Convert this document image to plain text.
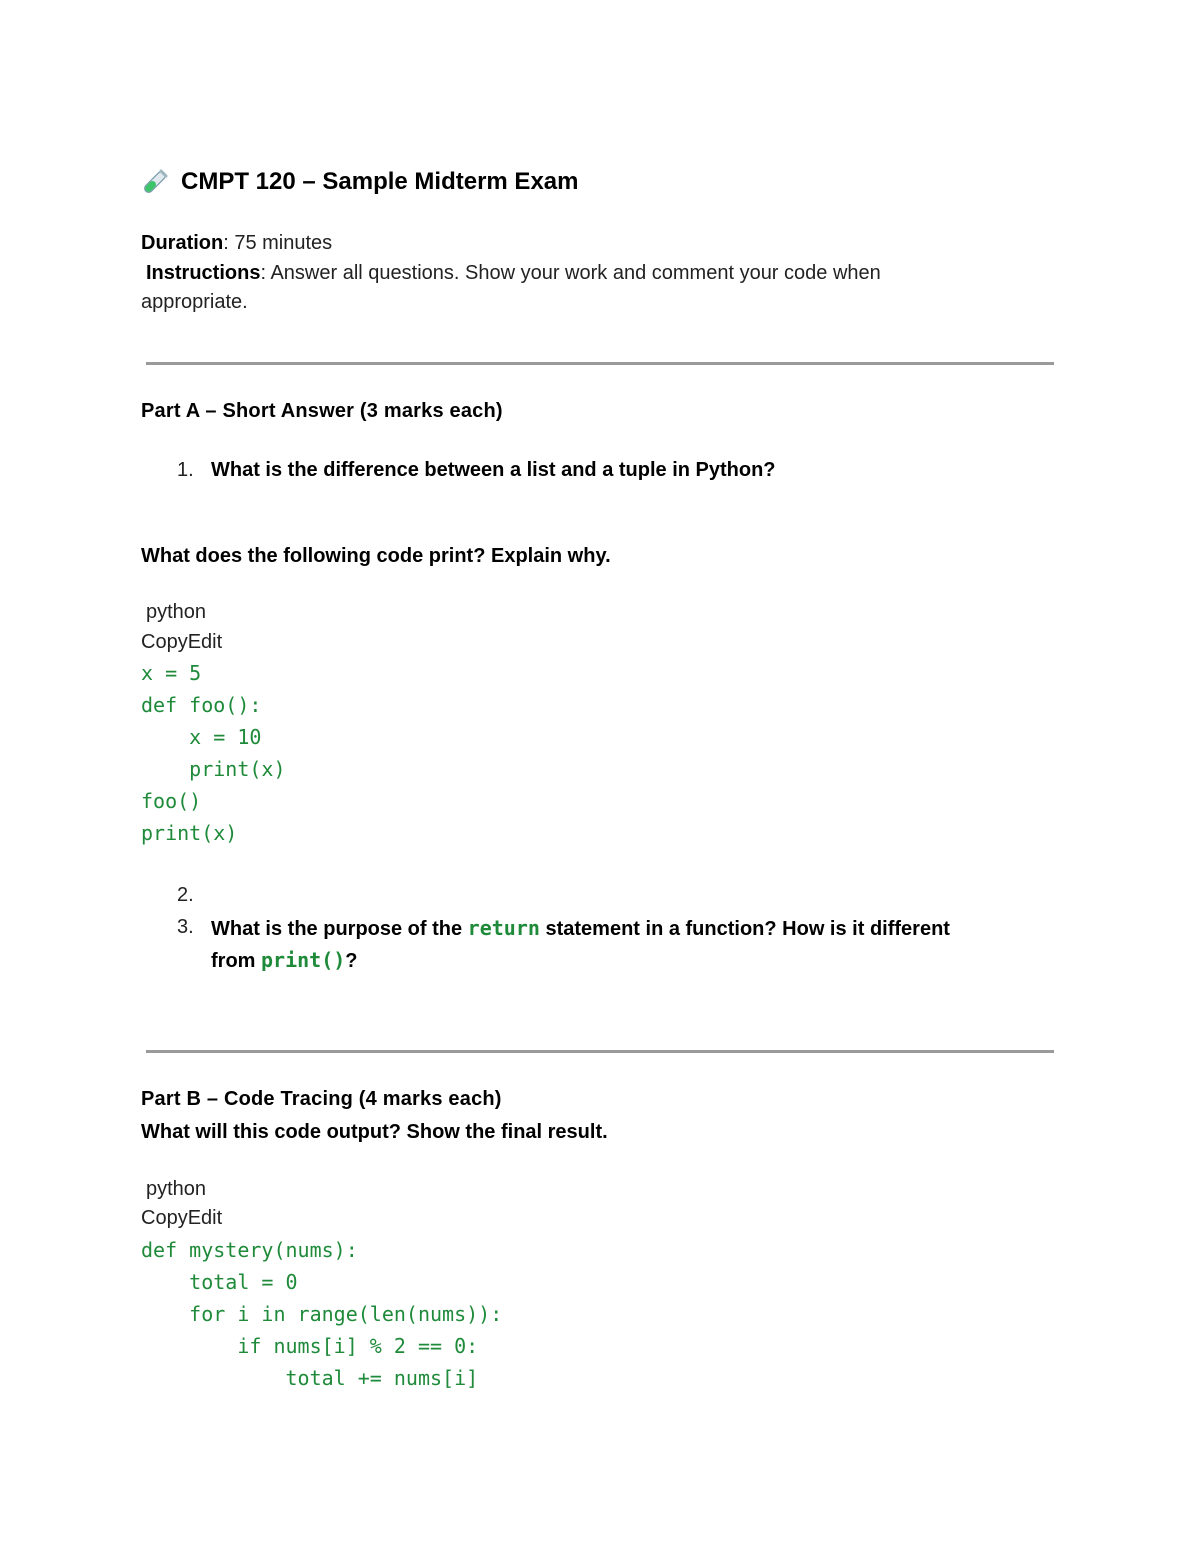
CMPT 120 – Sample Midterm Exam
Duration: 75 minutes
Instructions: Answer all questions. Show your work and comment your code when
appropriate.
Part A – Short Answer (3 marks each)
1. What is the difference between a list and a tuple in Python?
What does the following code print? Explain why.
python
CopyEdit
x = 5
def foo():
x = 10
print(x)
foo()
print(x)
2.
3. What is the purpose of the return statement in a function? How is it different
from print()?
Part B – Code Tracing (4 marks each)
What will this code output? Show the final result.
python
CopyEdit
def mystery(nums):
total = 0
for i in range(len(nums)):
if nums[i] % 2 == 0:
total += nums[i]
